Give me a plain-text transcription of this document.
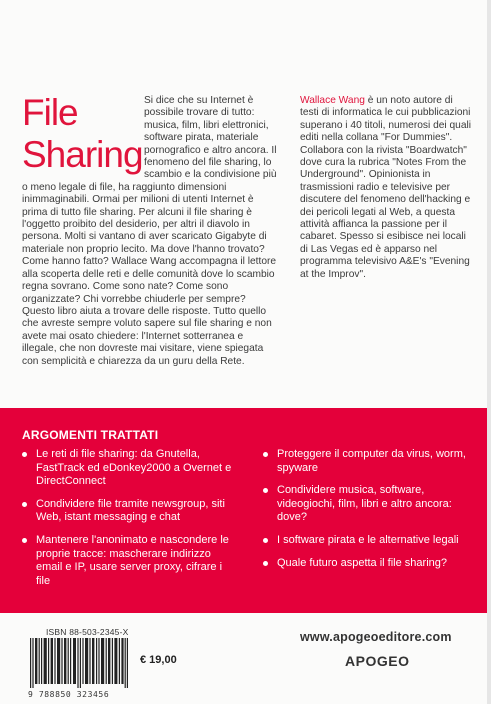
File
Sharing
Si dice che su Internet è possibile trovare di tutto: musica, film, libri elettronici, software pirata, materiale pornografico e altro ancora. Il fenomeno del file sharing, lo scambio e la condivisione più o meno legale di file, ha raggiunto dimensioni inimmaginabili. Ormai per milioni di utenti Internet è prima di tutto file sharing. Per alcuni il file sharing è l'oggetto proibito del desiderio, per altri il diavolo in persona. Molti si vantano di aver scaricato Gigabyte di materiale non proprio lecito. Ma dove l'hanno trovato? Come hanno fatto? Wallace Wang accompagna il lettore alla scoperta delle reti e delle comunità dove lo scambio regna sovrano. Come sono nate? Come sono organizzate? Chi vorrebbe chiuderle per sempre? Questo libro aiuta a trovare delle risposte. Tutto quello che avreste sempre voluto sapere sul file sharing e non avete mai osato chiedere: l'Internet sotterranea e illegale, che non dovreste mai visitare, viene spiegata con semplicità e chiarezza da un guru della Rete.
Wallace Wang è un noto autore di testi di informatica le cui pubblicazioni superano i 40 titoli, numerosi dei quali editi nella collana "For Dummies". Collabora con la rivista "Boardwatch" dove cura la rubrica "Notes From the Underground". Opinionista in trasmissioni radio e televisive per discutere del fenomeno dell'hacking e dei pericoli legati al Web, a questa attività affianca la passione per il cabaret. Spesso si esibisce nei locali di Las Vegas ed è apparso nel programma televisivo A&E's "Evening at the Improv".
ARGOMENTI TRATTATI
Le reti di file sharing: da Gnutella, FastTrack ed eDonkey2000 a Overnet e DirectConnect
Condividere file tramite newsgroup, siti Web, istant messaging e chat
Mantenere l'anonimato e nascondere le proprie tracce: mascherare indirizzo email e IP, usare server proxy, cifrare i file
Proteggere il computer da virus, worm, spyware
Condividere musica, software, videogiochi, film, libri e altro ancora: dove?
I software pirata e le alternative legali
Quale futuro aspetta il file sharing?
ISBN 88-503-2345-X
9 788850 323456
€ 19,00
www.apogeoeditore.com
APOGEO
